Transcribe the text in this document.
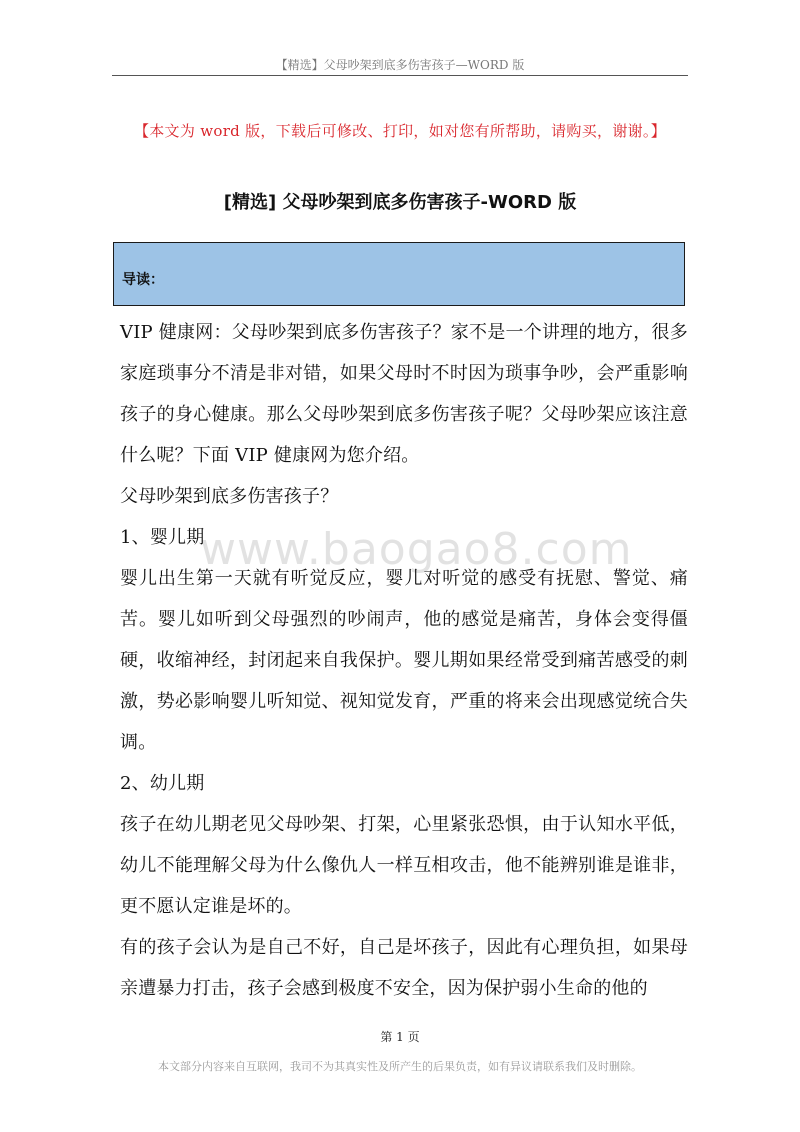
【精选】父母吵架到底多伤害孩子—WORD 版
【本文为 word 版，下载后可修改、打印，如对您有所帮助，请购买，谢谢。】
[精选] 父母吵架到底多伤害孩子-WORD 版
导读：
www.baogao8.com

VIP 健康网：父母吵架到底多伤害孩子？家不是一个讲理的地方，很多家庭琐事分不清是非对错，如果父母时不时因为琐事争吵，会严重影响孩子的身心健康。那么父母吵架到底多伤害孩子呢？父母吵架应该注意什么呢？下面 VIP 健康网为您介绍。

父母吵架到底多伤害孩子？

1、婴儿期

婴儿出生第一天就有听觉反应，婴儿对听觉的感受有抚慰、警觉、痛苦。婴儿如听到父母强烈的吵闹声，他的感觉是痛苦，身体会变得僵硬，收缩神经，封闭起来自我保护。婴儿期如果经常受到痛苦感受的刺激，势必影响婴儿听知觉、视知觉发育，严重的将来会出现感觉统合失调。

2、幼儿期

孩子在幼儿期老见父母吵架、打架，心里紧张恐惧，由于认知水平低，幼儿不能理解父母为什么像仇人一样互相攻击，他不能辨别谁是谁非，更不愿认定谁是坏的。

有的孩子会认为是自己不好，自己是坏孩子，因此有心理负担，如果母亲遭暴力打击，孩子会感到极度不安全，因为保护弱小生命的他的

第 1 页
本文部分内容来自互联网，我司不为其真实性及所产生的后果负责，如有异议请联系我们及时删除。
